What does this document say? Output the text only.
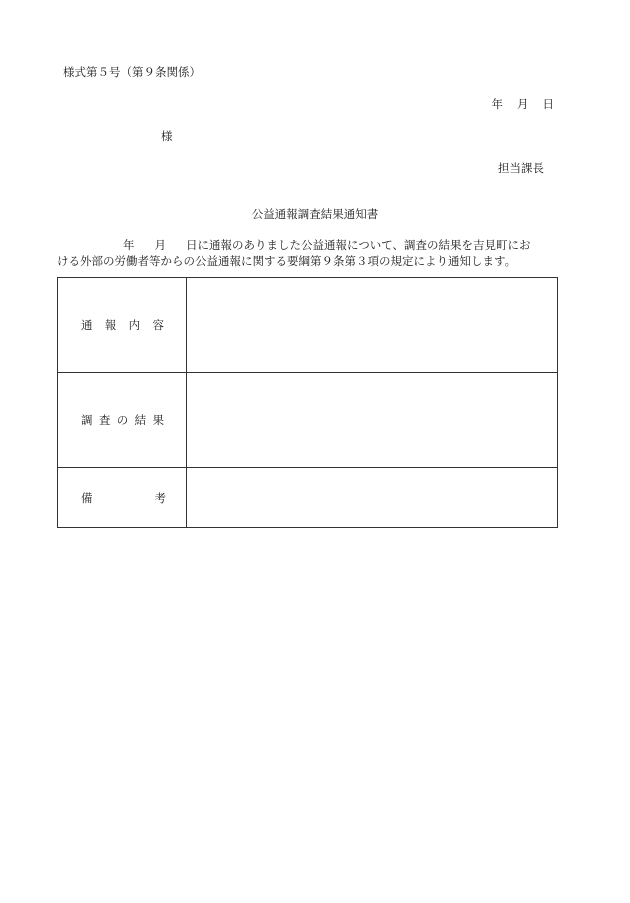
様式第５号（第９条関係）
年 月 日
様
担当課長
公益通報調査結果通知書
年 月 日に通報のありました公益通報について、調査の結果を吉見町にお
ける外部の労働者等からの公益通報に関する要綱第９条第３項の規定により通知します。
通 報 内 容	

調 査 の 結 果	

備 考	
